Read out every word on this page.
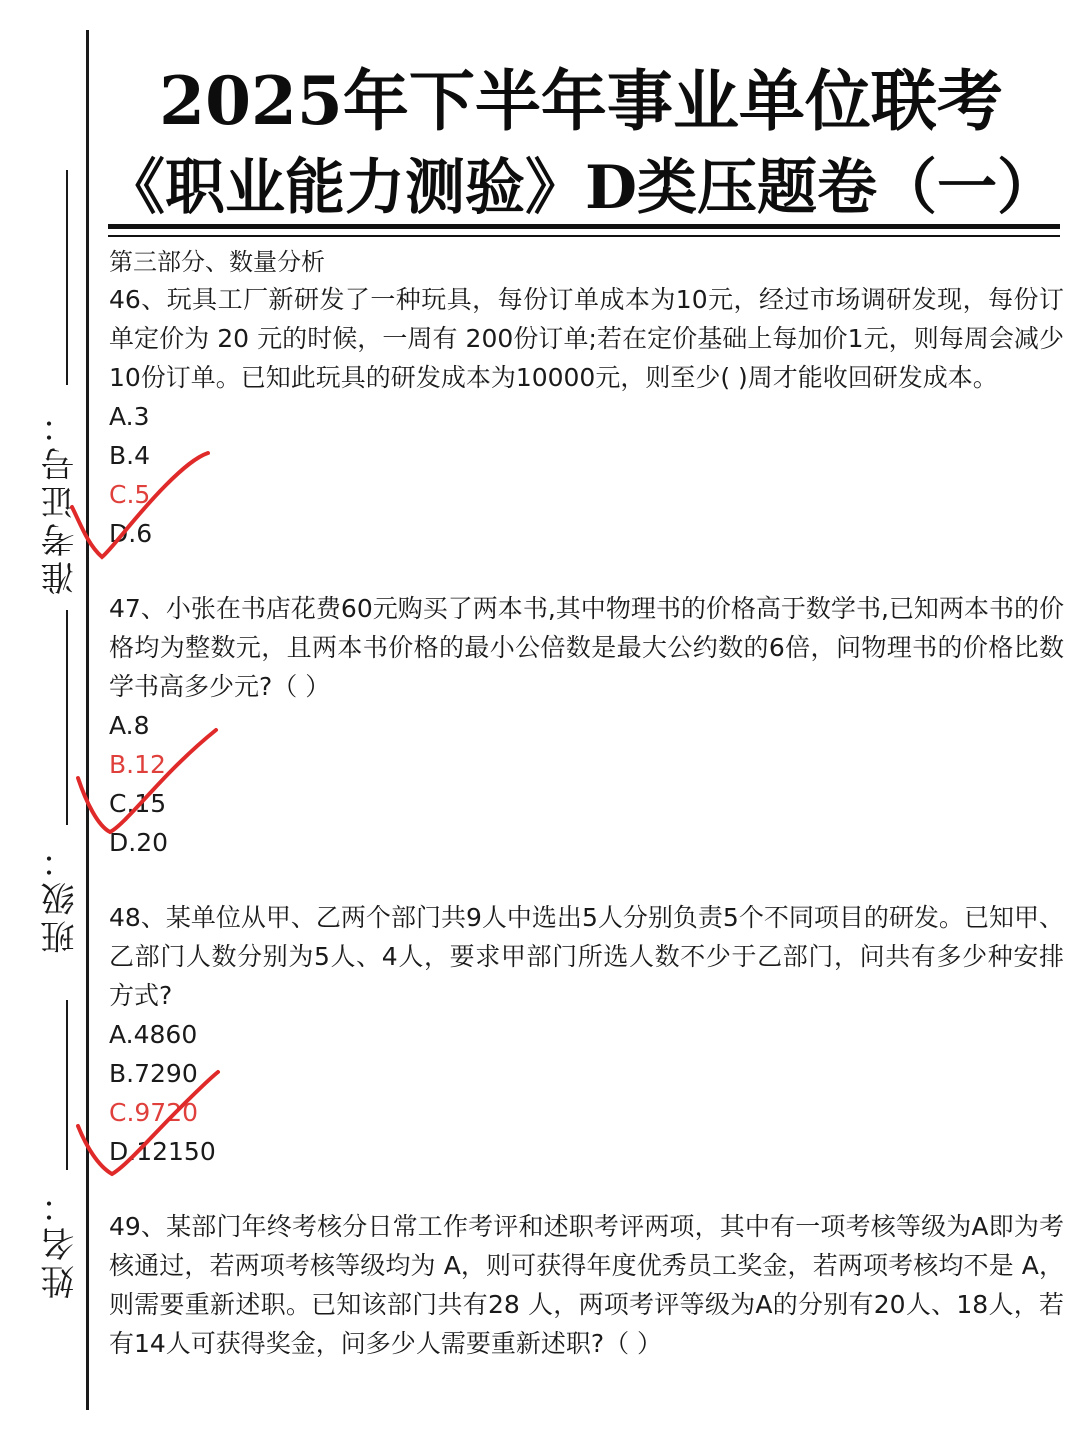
准考证号：
班级：
姓名：
2025年下半年事业单位联考
《职业能力测验》D类压题卷（一）
第三部分、数量分析

46、玩具工厂新研发了一种玩具，每份订单成本为10元，经过市场调研发现，每份订单定价为 20 元的时候，一周有 200份订单;若在定价基础上每加价1元，则每周会减少10份订单。已知此玩具的研发成本为10000元，则至少( )周才能收回研发成本。

A.3
B.4
C.5
D.6

47、小张在书店花费60元购买了两本书,其中物理书的价格高于数学书,已知两本书的价格均为整数元，且两本书价格的最小公倍数是最大公约数的6倍，问物理书的价格比数学书高多少元?（ ）

A.8
B.12
C.15
D.20

48、某单位从甲、乙两个部门共9人中选出5人分别负责5个不同项目的研发。已知甲、乙部门人数分别为5人、4人，要求甲部门所选人数不少于乙部门，问共有多少种安排方式?

A.4860
B.7290
C.9720
D.12150

49、某部门年终考核分日常工作考评和述职考评两项，其中有一项考核等级为A即为考核通过，若两项考核等级均为 A，则可获得年度优秀员工奖金，若两项考核均不是 A，则需要重新述职。已知该部门共有28 人，两项考评等级为A的分别有20人、18人，若有14人可获得奖金，问多少人需要重新述职?（ ）
